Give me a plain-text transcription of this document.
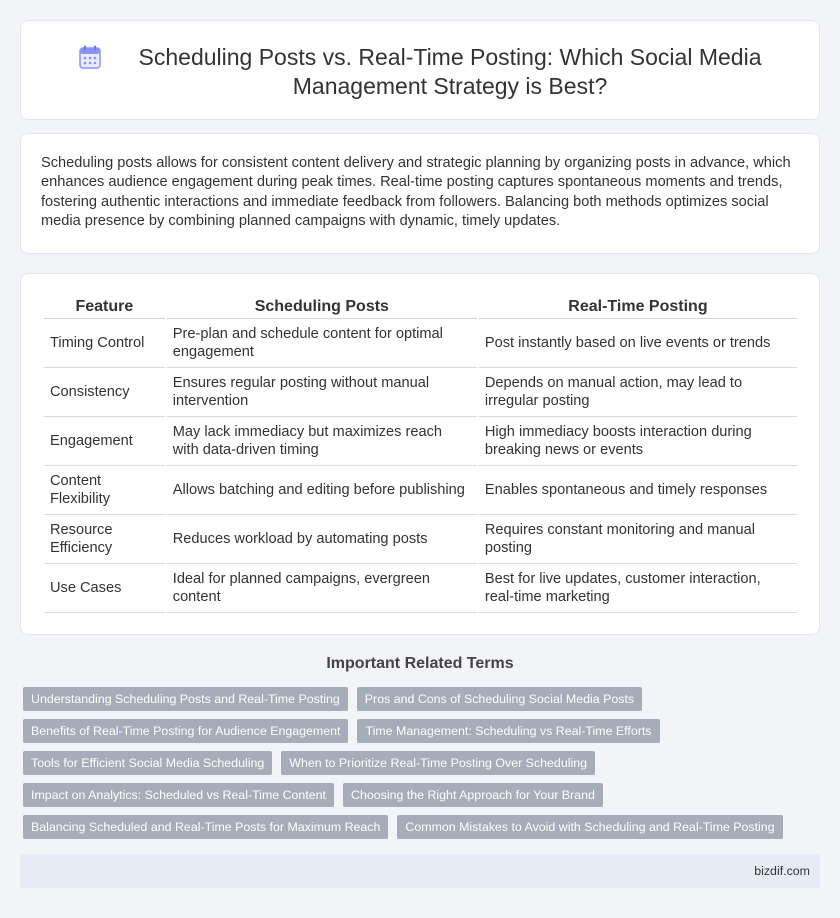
Scheduling Posts vs. Real-Time Posting: Which Social Media Management Strategy is Best?

Scheduling posts allows for consistent content delivery and strategic planning by organizing posts in advance, which enhances audience engagement during peak times. Real-time posting captures spontaneous moments and trends, fostering authentic interactions and immediate feedback from followers. Balancing both methods optimizes social media presence by combining planned campaigns with dynamic, timely updates.

Feature	Scheduling Posts	Real-Time Posting
Timing Control	Pre-plan and schedule content for optimal engagement	Post instantly based on live events or trends
Consistency	Ensures regular posting without manual intervention	Depends on manual action, may lead to irregular posting
Engagement	May lack immediacy but maximizes reach with data-driven timing	High immediacy boosts interaction during breaking news or events
Content Flexibility	Allows batching and editing before publishing	Enables spontaneous and timely responses
Resource Efficiency	Reduces workload by automating posts	Requires constant monitoring and manual posting
Use Cases	Ideal for planned campaigns, evergreen content	Best for live updates, customer interaction, real-time marketing
Important Related Terms
Understanding Scheduling Posts and Real-Time Posting	Pros and Cons of Scheduling Social Media Posts
Benefits of Real-Time Posting for Audience Engagement	Time Management: Scheduling vs Real-Time Efforts
Tools for Efficient Social Media Scheduling	When to Prioritize Real-Time Posting Over Scheduling
Impact on Analytics: Scheduled vs Real-Time Content	Choosing the Right Approach for Your Brand
Balancing Scheduled and Real-Time Posts for Maximum Reach	Common Mistakes to Avoid with Scheduling and Real-Time Posting
bizdif.com
